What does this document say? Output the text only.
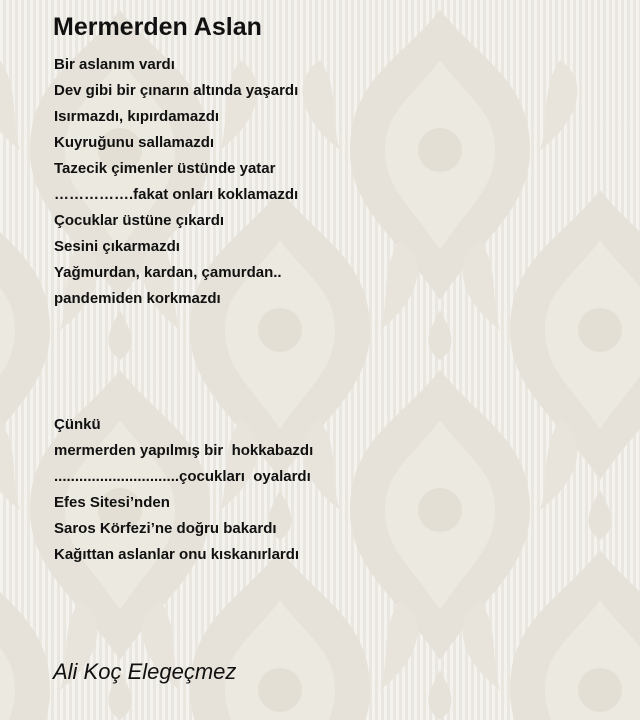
Mermerden Aslan
Bir aslanım vardı
Dev gibi bir çınarın altında yaşardı
Isırmazdı, kıpırdamazdı
Kuyruğunu sallamazdı
Tazecik çimenler üstünde yatar
…………….fakat onları koklamazdı
Çocuklar üstüne çıkardı
Sesini çıkarmazdı
Yağmurdan, kardan, çamurdan..
pandemiden korkmazdı
Çünkü
mermerden yapılmış bir  hokkabazdı
..............................çocukları  oyalardı
Efes Sitesi’nden
Saros Körfezi’ne doğru bakardı
Kağıttan aslanlar onu kıskanırlardı
Ali Koç Elegeçmez
